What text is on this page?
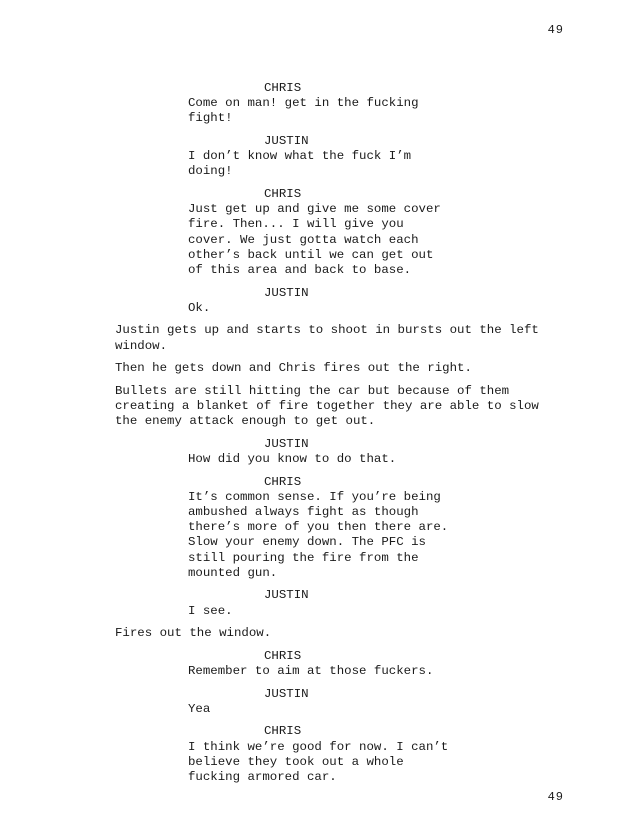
49
CHRIS
Come on man! get in the fucking
fight!
JUSTIN
I don’t know what the fuck I’m
doing!
CHRIS
Just get up and give me some cover
fire. Then... I will give you
cover. We just gotta watch each
other’s back until we can get out
of this area and back to base.
JUSTIN
Ok.
Justin gets up and starts to shoot in bursts out the left
window.
Then he gets down and Chris fires out the right.
Bullets are still hitting the car but because of them
creating a blanket of fire together they are able to slow
the enemy attack enough to get out.
JUSTIN
How did you know to do that.
CHRIS
It’s common sense. If you’re being
ambushed always fight as though
there’s more of you then there are.
Slow your enemy down. The PFC is
still pouring the fire from the
mounted gun.
JUSTIN
I see.
Fires out the window.
CHRIS
Remember to aim at those fuckers.
JUSTIN
Yea
CHRIS
I think we’re good for now. I can’t
believe they took out a whole
fucking armored car.
49
